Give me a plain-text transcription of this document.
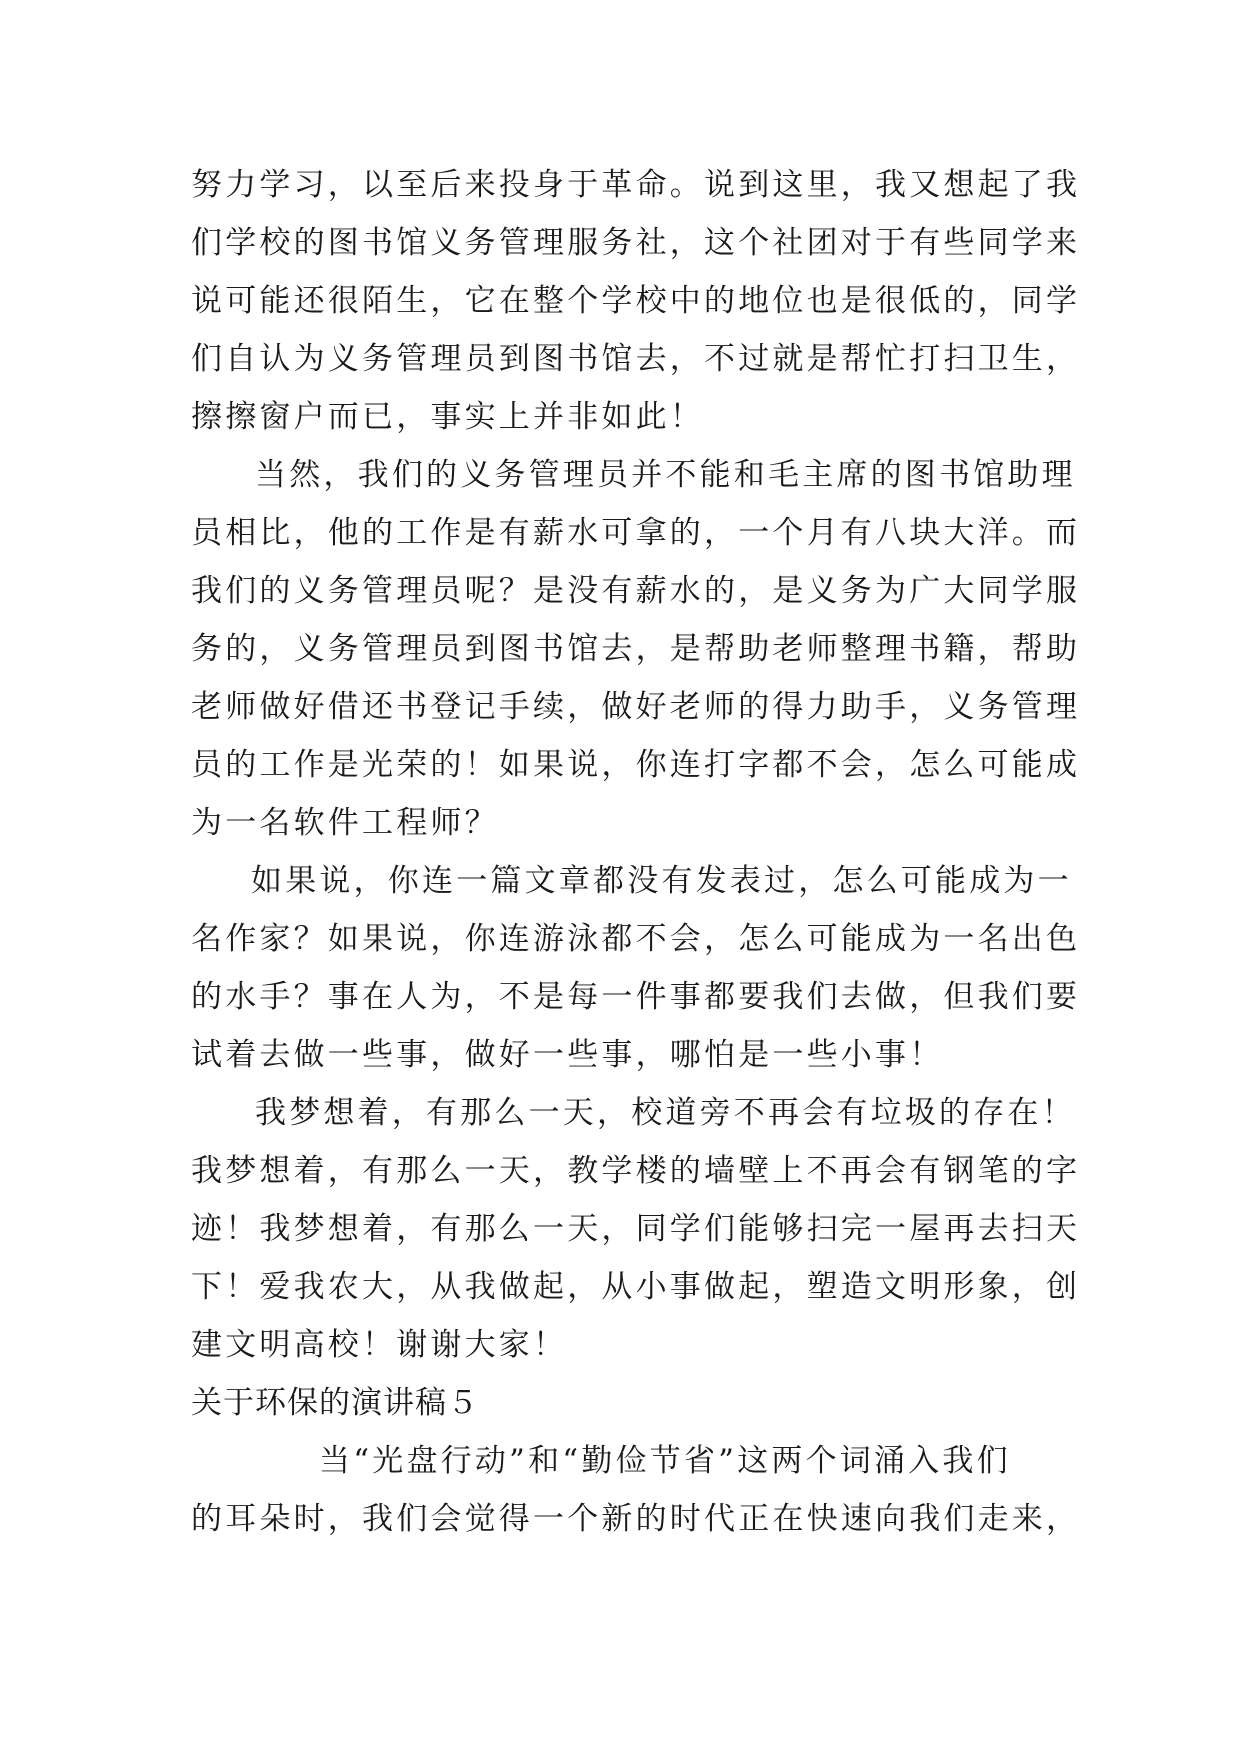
努力学习，以至后来投身于革命。说到这里，我又想起了我
们学校的图书馆义务管理服务社，这个社团对于有些同学来
说可能还很陌生，它在整个学校中的地位也是很低的，同学
们自认为义务管理员到图书馆去，不过就是帮忙打扫卫生，
擦擦窗户而已，事实上并非如此！
当然，我们的义务管理员并不能和毛主席的图书馆助理
员相比，他的工作是有薪水可拿的，一个月有八块大洋。而
我们的义务管理员呢？是没有薪水的，是义务为广大同学服
务的，义务管理员到图书馆去，是帮助老师整理书籍，帮助
老师做好借还书登记手续，做好老师的得力助手，义务管理
员的工作是光荣的！如果说，你连打字都不会，怎么可能成
为一名软件工程师？
如果说，你连一篇文章都没有发表过，怎么可能成为一
名作家？如果说，你连游泳都不会，怎么可能成为一名出色
的水手？事在人为，不是每一件事都要我们去做，但我们要
试着去做一些事，做好一些事，哪怕是一些小事！
我梦想着，有那么一天，校道旁不再会有垃圾的存在！
我梦想着，有那么一天，教学楼的墙壁上不再会有钢笔的字
迹！我梦想着，有那么一天，同学们能够扫完一屋再去扫天
下！爱我农大，从我做起，从小事做起，塑造文明形象，创
建文明高校！谢谢大家！
关于环保的演讲稿５
当“光盘行动”和“勤俭节省”这两个词涌入我们
的耳朵时，我们会觉得一个新的时代正在快速向我们走来，
